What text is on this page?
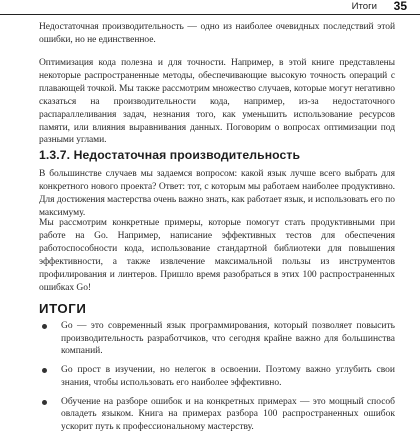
Итоги 35

Недостаточная производительность — одно из наиболее очевидных последствий этой ошибки, но не единственное.

Оптимизация кода полезна и для точности. Например, в этой книге представлены некоторые распространенные методы, обеспечивающие высокую точность операций с плавающей точкой. Мы также рассмотрим множество случаев, которые могут негативно сказаться на производительности кода, например, из-за недостаточного распараллеливания задач, незнания того, как уменьшить использование ресурсов памяти, или влияния выравнивания данных. Поговорим о вопросах оптимизации под разными углами.

1.3.7. Недостаточная производительность

В большинстве случаев мы задаемся вопросом: какой язык лучше всего выбрать для конкретного нового проекта? Ответ: тот, с которым мы работаем наиболее продуктивно. Для достижения мастерства очень важно знать, как работает язык, и использовать его по максимуму.

Мы рассмотрим конкретные примеры, которые помогут стать продуктивными при работе на Go. Например, написание эффективных тестов для обеспечения работоспособности кода, использование стандартной библиотеки для повышения эффективности, а также извлечение максимальной пользы из инструментов профилирования и линтеров. Пришло время разобраться в этих 100 распространенных ошибках Go!

ИТОГИ
Go — это современный язык программирования, который позволяет повысить производительность разработчиков, что сегодня крайне важно для большинства компаний.
Go прост в изучении, но нелегок в освоении. Поэтому важно углубить свои знания, чтобы использовать его наиболее эффективно.
Обучение на разборе ошибок и на конкретных примерах — это мощный способ овладеть языком. Книга на примерах разбора 100 распространенных ошибок ускорит путь к профессиональному мастерству.
